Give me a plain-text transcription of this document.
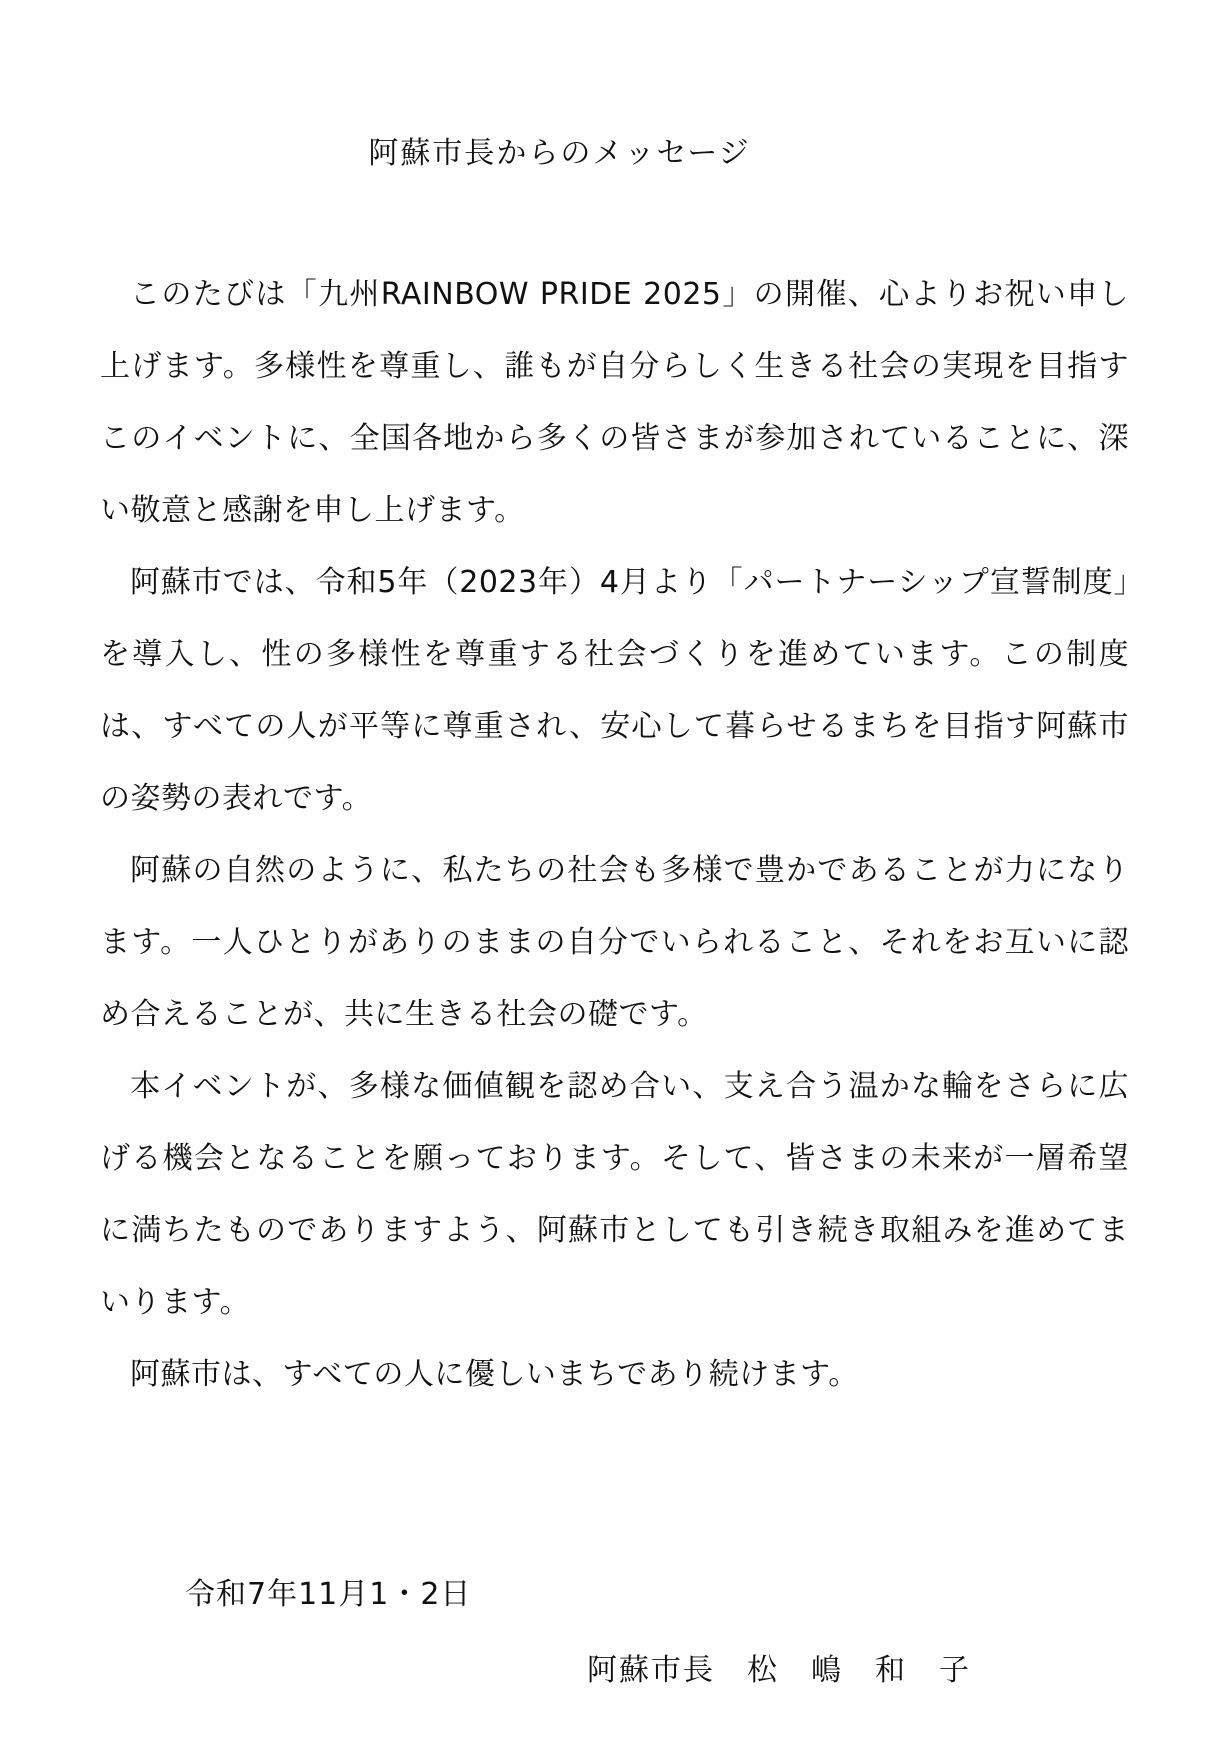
阿蘇市長からのメッセージ

このたびは「九州RAINBOW PRIDE 2025」の開催、心よりお祝い申し上げます。多様性を尊重し、誰もが自分らしく生きる社会の実現を目指すこのイベントに、全国各地から多くの皆さまが参加されていることに、深い敬意と感謝を申し上げます。

阿蘇市では、令和5年（2023年）4月より「パートナーシップ宣誓制度」を導入し、性の多様性を尊重する社会づくりを進めています。この制度は、すべての人が平等に尊重され、安心して暮らせるまちを目指す阿蘇市の姿勢の表れです。

阿蘇の自然のように、私たちの社会も多様で豊かであることが力になります。一人ひとりがありのままの自分でいられること、それをお互いに認め合えることが、共に生きる社会の礎です。

本イベントが、多様な価値観を認め合い、支え合う温かな輪をさらに広げる機会となることを願っております。そして、皆さまの未来が一層希望に満ちたものでありますよう、阿蘇市としても引き続き取組みを進めてまいります。

阿蘇市は、すべての人に優しいまちであり続けます。

令和7年11月1・2日
阿蘇市長　松　嶋　和　子
